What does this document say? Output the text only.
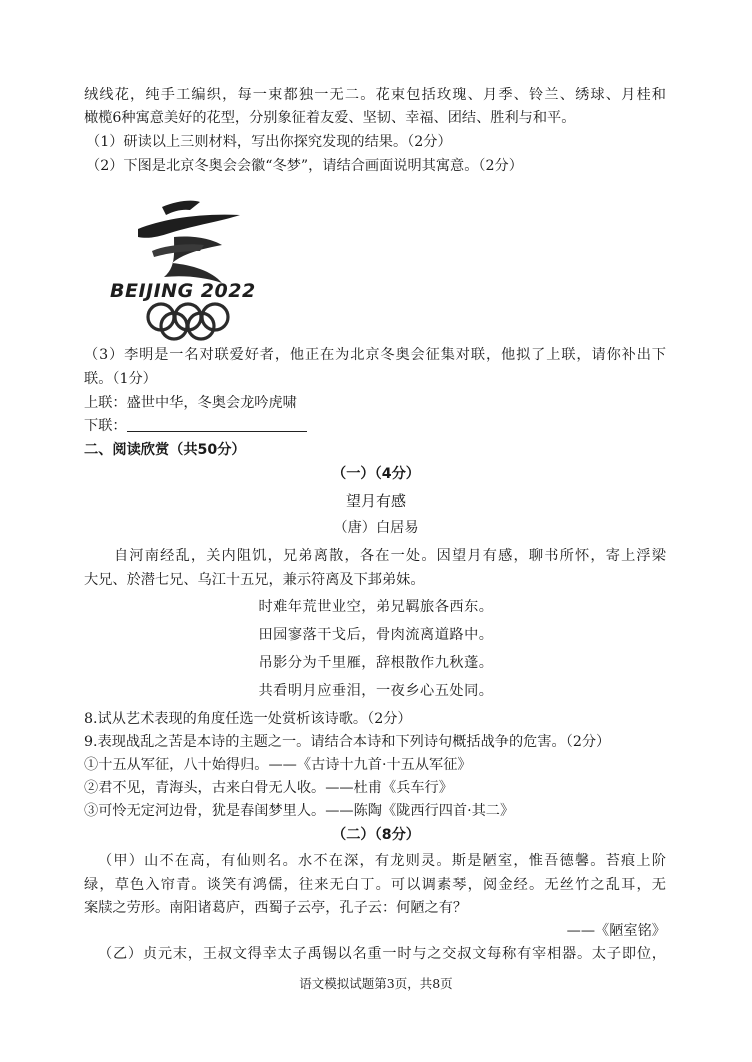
绒线花，纯手工编织，每一束都独一无二。花束包括玫瑰、月季、铃兰、绣球、月桂和
橄榄6种寓意美好的花型，分别象征着友爱、坚韧、幸福、团结、胜利与和平。
（1）研读以上三则材料，写出你探究发现的结果。（2分）
（2）下图是北京冬奥会会徽“冬梦”，请结合画面说明其寓意。（2分）
BEIJING 2022
（3）李明是一名对联爱好者，他正在为北京冬奥会征集对联，他拟了上联，请你补出下
联。（1分）
上联：盛世中华，冬奥会龙吟虎啸
下联：
二、阅读欣赏（共50分）
（一）（4分）
望月有感
（唐）白居易
自河南经乱，关内阻饥，兄弟离散，各在一处。因望月有感，聊书所怀，寄上浮梁
大兄、於潜七兄、乌江十五兄，兼示符离及下邽弟妹。
时难年荒世业空，弟兄羁旅各西东。
田园寥落干戈后，骨肉流离道路中。
吊影分为千里雁，辞根散作九秋蓬。
共看明月应垂泪，一夜乡心五处同。
8.试从艺术表现的角度任选一处赏析该诗歌。（2分）
9.表现战乱之苦是本诗的主题之一。请结合本诗和下列诗句概括战争的危害。（2分）
①十五从军征，八十始得归。——《古诗十九首·十五从军征》
②君不见，青海头，古来白骨无人收。——杜甫《兵车行》
③可怜无定河边骨，犹是春闺梦里人。——陈陶《陇西行四首·其二》
（二）（8分）
（甲）山不在高，有仙则名。水不在深，有龙则灵。斯是陋室，惟吾德馨。苔痕上阶
绿，草色入帘青。谈笑有鸿儒，往来无白丁。可以调素琴，阅金经。无丝竹之乱耳，无
案牍之劳形。南阳诸葛庐，西蜀子云亭，孔子云：何陋之有？
——《陋室铭》
（乙）贞元末，王叔文得幸太子禹锡以名重一时与之交叔文每称有宰相器。太子即位，
语文模拟试题第3页，共8页
